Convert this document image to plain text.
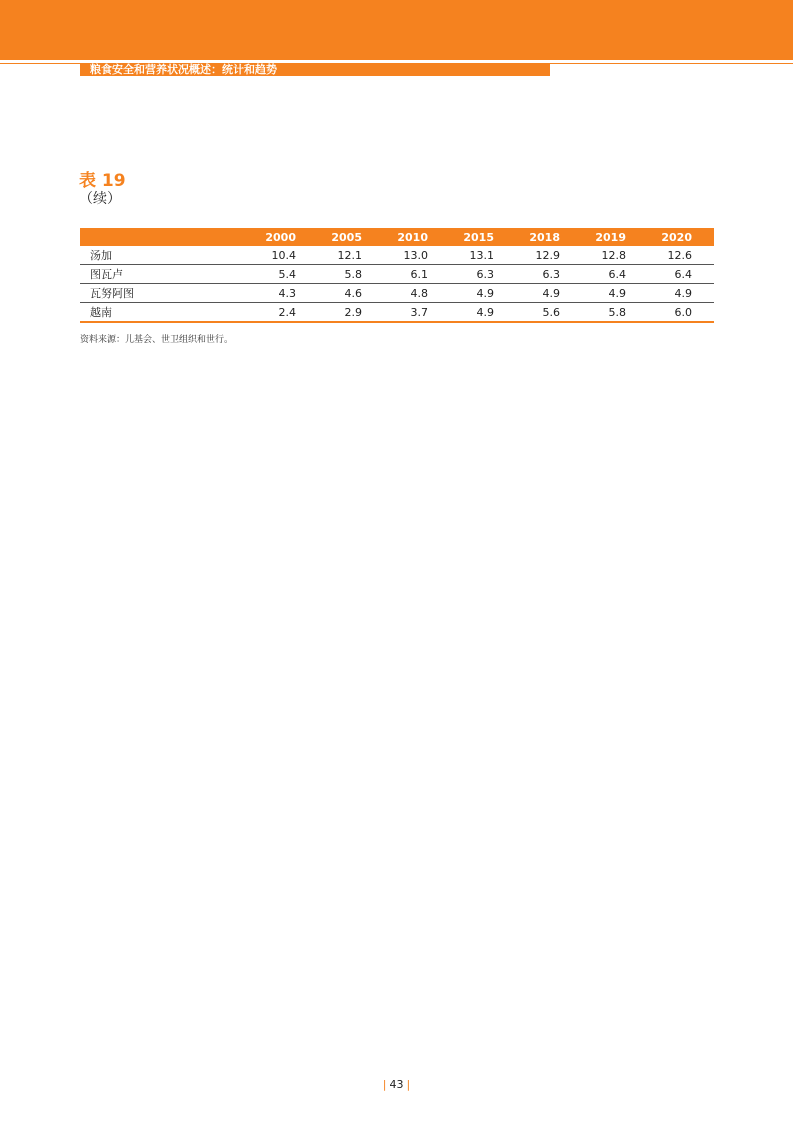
粮食安全和营养状况概述：统计和趋势
表 19
（续）
	2000	2005	2010	2015	2018	2019	2020
汤加	10.4	12.1	13.0	13.1	12.9	12.8	12.6
图瓦卢	5.4	5.8	6.1	6.3	6.3	6.4	6.4
瓦努阿图	4.3	4.6	4.8	4.9	4.9	4.9	4.9
越南	2.4	2.9	3.7	4.9	5.6	5.8	6.0
资料来源：儿基会、世卫组织和世行。
| 43 |
